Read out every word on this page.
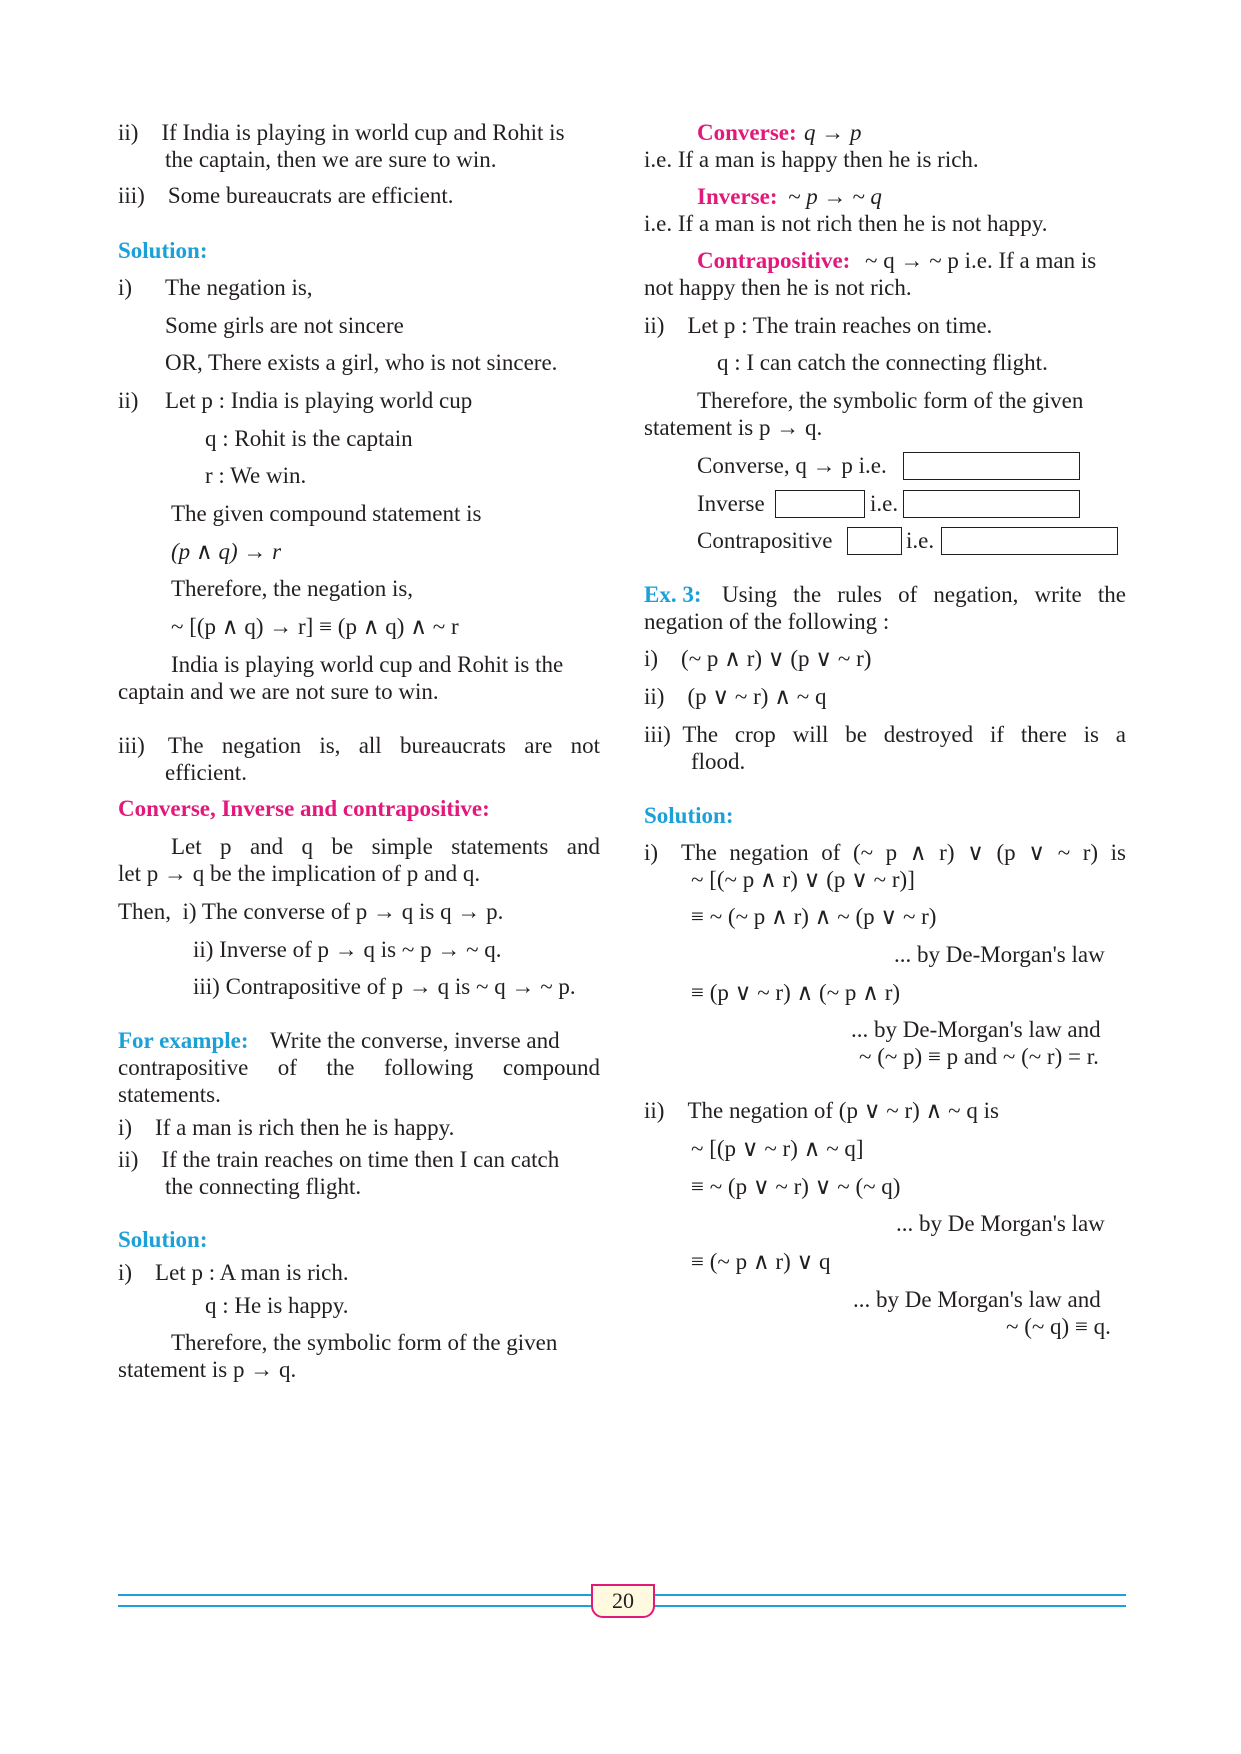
ii) If India is playing in world cup and Rohit is
the captain, then we are sure to win.
iii) Some bureaucrats are efficient.
Solution:
i) The negation is,
Some girls are not sincere
OR, There exists a girl, who is not sincere.
ii) Let p : India is playing world cup
q : Rohit is the captain
r : We win.
The given compound statement is
(p ∧ q) → r
Therefore, the negation is,
~ [(p ∧ q) → r] ≡ (p ∧ q) ∧ ~ r
India is playing world cup and Rohit is the
captain and we are not sure to win.
iii) The negation is, all bureaucrats are not
efficient.
Converse, Inverse and contrapositive:
Let p and q be simple statements and
let p → q be the implication of p and q.
Then, i) The converse of p → q is q → p.
ii) Inverse of p → q is ~ p → ~ q.
iii) Contrapositive of p → q is ~ q → ~ p.
For example: Write the converse, inverse and
contrapositive of the following compound
statements.
i) If a man is rich then he is happy.
ii) If the train reaches on time then I can catch
the connecting flight.
Solution:
i) Let p : A man is rich.
q : He is happy.
Therefore, the symbolic form of the given
statement is p → q.
Converse: q → p
i.e. If a man is happy then he is rich.
Inverse: ~ p → ~ q
i.e. If a man is not rich then he is not happy.
Contrapositive: ~ q → ~ p i.e. If a man is
not happy then he is not rich.
ii) Let p : The train reaches on time.
q : I can catch the connecting flight.
Therefore, the symbolic form of the given
statement is p → q.
Converse, q → p i.e.
Inverse	i.e.
Contrapositive	i.e.
Ex. 3: Using the rules of negation, write the
negation of the following :
i) (~ p ∧ r) ∨ (p ∨ ~ r)
ii) (p ∨ ~ r) ∧ ~ q
iii) The crop will be destroyed if there is a
flood.
Solution:
i) The negation of (~ p ∧ r) ∨ (p ∨ ~ r) is
~ [(~ p ∧ r) ∨ (p ∨ ~ r)]
≡ ~ (~ p ∧ r) ∧ ~ (p ∨ ~ r)
... by De-Morgan's law
≡ (p ∨ ~ r) ∧ (~ p ∧ r)
... by De-Morgan's law and
~ (~ p) ≡ p and ~ (~ r) = r.
ii) The negation of (p ∨ ~ r) ∧ ~ q is
~ [(p ∨ ~ r) ∧ ~ q]
≡ ~ (p ∨ ~ r) ∨ ~ (~ q)
... by De Morgan's law
≡ (~ p ∧ r) ∨ q
... by De Morgan's law and
~ (~ q) ≡ q.
20
